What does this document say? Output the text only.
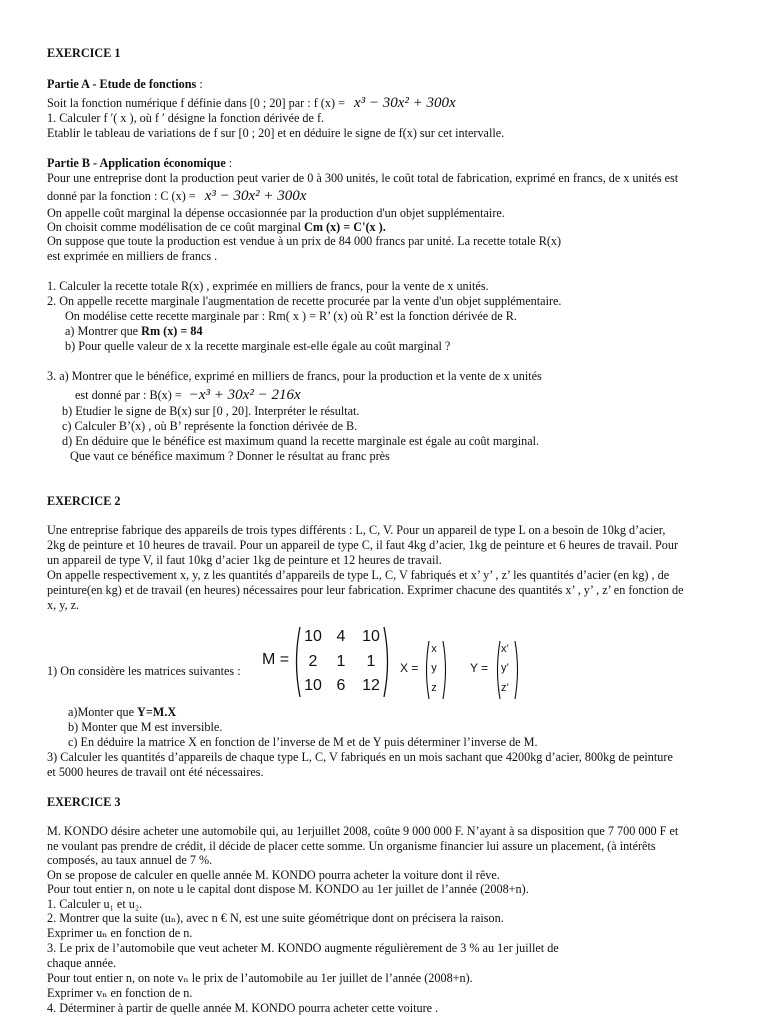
EXERCICE 1
Partie A - Etude de fonctions :
Soit la fonction numérique f définie dans [0 ; 20] par : f (x) = x³ − 30x² + 300x
1. Calculer f ′( x ), où f ′ désigne la fonction dérivée de f.
Etablir le tableau de variations de f sur [0 ; 20] et en déduire le signe de f(x) sur cet intervalle.
Partie B - Application économique :
Pour une entreprise dont la production peut varier de 0 à 300 unités, le coût total de fabrication, exprimé en francs, de x unités est
donné par la fonction : C (x) = x³ − 30x² + 300x
On appelle coût marginal la dépense occasionnée par la production d'un objet supplémentaire.
On choisit comme modélisation de ce coût marginal Cm (x) = C'(x ).
On suppose que toute la production est vendue à un prix de 84 000 francs par unité. La recette totale R(x)
est exprimée en milliers de francs .
1. Calculer la recette totale R(x) , exprimée en milliers de francs, pour la vente de x unités.
2. On appelle recette marginale l'augmentation de recette procurée par la vente d'un objet supplémentaire.
On modélise cette recette marginale par : Rm( x ) = R’ (x) où R’ est la fonction dérivée de R.
a) Montrer que Rm (x) = 84
b) Pour quelle valeur de x la recette marginale est-elle égale au coût marginal ?
3. a) Montrer que le bénéfice, exprimé en milliers de francs, pour la production et la vente de x unités
est donné par : B(x) = −x³ + 30x² − 216x
b) Etudier le signe de B(x) sur [0 , 20]. Interpréter le résultat.
c) Calculer B’(x) , où B’ représente la fonction dérivée de B.
d) En déduire que le bénéfice est maximum quand la recette marginale est égale au coût marginal.
Que vaut ce bénéfice maximum ? Donner le résultat au franc près
EXERCICE 2
Une entreprise fabrique des appareils de trois types différents : L, C, V. Pour un appareil de type L on a besoin de 10kg d’acier,
2kg de peinture et 10 heures de travail. Pour un appareil de type C, il faut 4kg d’acier, 1kg de peinture et 6 heures de travail. Pour
un appareil de type V, il faut 10kg d’acier 1kg de peinture et 12 heures de travail.
On appelle respectivement x, y, z les quantités d’appareils de type L, C, V fabriqués et x’ y’ , z’ les quantités d’acier (en kg) , de
peinture(en kg) et de travail (en heures) nécessaires pour leur fabrication. Exprimer chacune des quantités x’ , y’ , z’ en fonction de
x, y, z.
1) On considère les matrices suivantes :
M =
10 4	10
2	1	1
10 6	12
X =
x
y
z
Y =
x’
y’
z’
a)Monter que Y=M.X
b) Monter que M est inversible.
c) En déduire la matrice X en fonction de l’inverse de M et de Y puis déterminer l’inverse de M.
3) Calculer les quantités d’appareils de chaque type L, C, V fabriqués en un mois sachant que 4200kg d’acier, 800kg de peinture
et 5000 heures de travail ont été nécessaires.
EXERCICE 3
M. KONDO désire acheter une automobile qui, au 1erjuillet 2008, coûte 9 000 000 F. N’ayant à sa disposition que 7 700 000 F et
ne voulant pas prendre de crédit, il décide de placer cette somme. Un organisme financier lui assure un placement, (à intérêts
composés, au taux annuel de 7 %.
On se propose de calculer en quelle année M. KONDO pourra acheter la voiture dont il rêve.
Pour tout entier n, on note u le capital dont dispose M. KONDO au 1er juillet de l’année (2008+n).
1. Calculer u₁ et u₂.
2. Montrer que la suite (uₙ), avec n € N, est une suite géométrique dont on précisera la raison.
Exprimer uₙ en fonction de n.
3. Le prix de l’automobile que veut acheter M. KONDO augmente régulièrement de 3 % au 1er juillet de
chaque année.
Pour tout entier n, on note vₙ le prix de l’automobile au 1er juillet de l’année (2008+n).
Exprimer vₙ en fonction de n.
4. Déterminer à partir de quelle année M. KONDO pourra acheter cette voiture .
